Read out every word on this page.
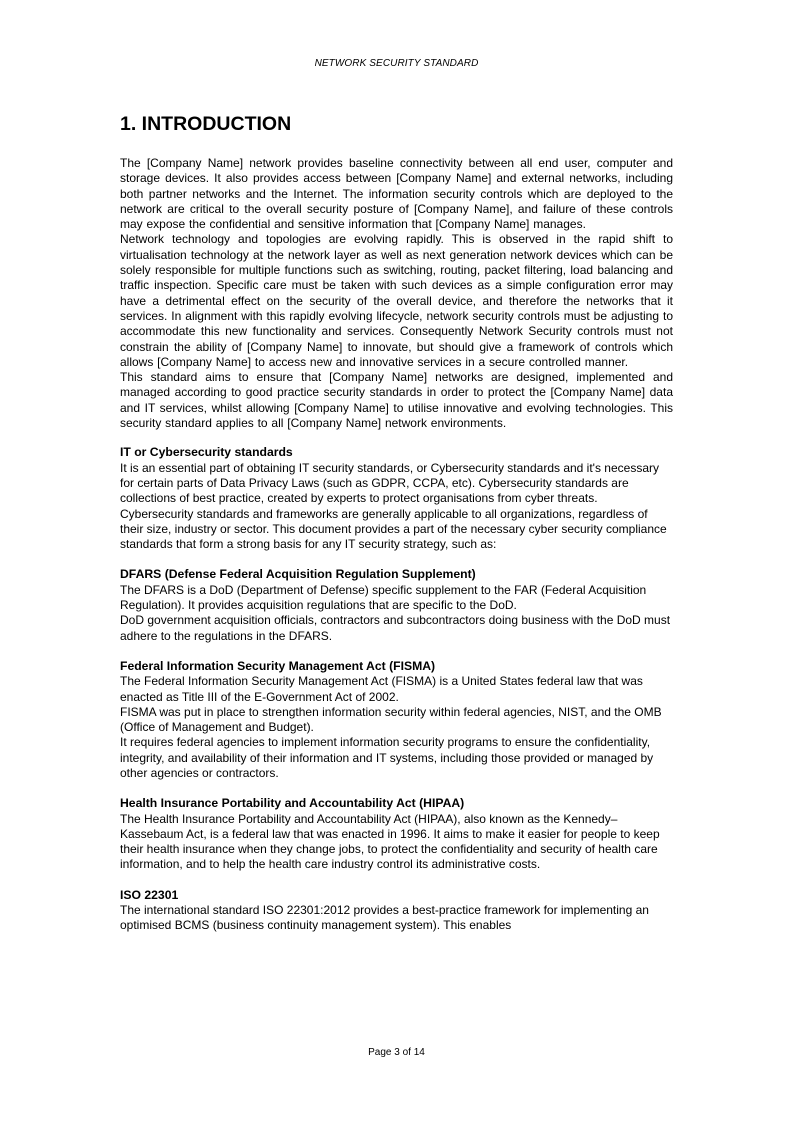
NETWORK SECURITY STANDARD
1. INTRODUCTION

The [Company Name] network provides baseline connectivity between all end user, computer and storage devices. It also provides access between [Company Name] and external networks, including both partner networks and the Internet. The information security controls which are deployed to the network are critical to the overall security posture of [Company Name], and failure of these controls may expose the confidential and sensitive information that [Company Name] manages.

Network technology and topologies are evolving rapidly. This is observed in the rapid shift to virtualisation technology at the network layer as well as next generation network devices which can be solely responsible for multiple functions such as switching, routing, packet filtering, load balancing and traffic inspection. Specific care must be taken with such devices as a simple configuration error may have a detrimental effect on the security of the overall device, and therefore the networks that it services. In alignment with this rapidly evolving lifecycle, network security controls must be adjusting to accommodate this new functionality and services. Consequently Network Security controls must not constrain the ability of [Company Name] to innovate, but should give a framework of controls which allows [Company Name] to access new and innovative services in a secure controlled manner.

This standard aims to ensure that [Company Name] networks are designed, implemented and managed according to good practice security standards in order to protect the [Company Name] data and IT services, whilst allowing [Company Name] to utilise innovative and evolving technologies. This security standard applies to all [Company Name] network environments.

IT or Cybersecurity standards

It is an essential part of obtaining IT security standards, or Cybersecurity standards and it's necessary for certain parts of Data Privacy Laws (such as GDPR, CCPA, etc). Cybersecurity standards are collections of best practice, created by experts to protect organisations from cyber threats. Cybersecurity standards and frameworks are generally applicable to all organizations, regardless of their size, industry or sector. This document provides a part of the necessary cyber security compliance standards that form a strong basis for any IT security strategy, such as:

DFARS (Defense Federal Acquisition Regulation Supplement)

The DFARS is a DoD (Department of Defense) specific supplement to the FAR (Federal Acquisition Regulation). It provides acquisition regulations that are specific to the DoD.

DoD government acquisition officials, contractors and subcontractors doing business with the DoD must adhere to the regulations in the DFARS.

Federal Information Security Management Act (FISMA)

The Federal Information Security Management Act (FISMA) is a United States federal law that was enacted as Title III of the E-Government Act of 2002.

FISMA was put in place to strengthen information security within federal agencies, NIST, and the OMB (Office of Management and Budget).

It requires federal agencies to implement information security programs to ensure the confidentiality, integrity, and availability of their information and IT systems, including those provided or managed by other agencies or contractors.

Health Insurance Portability and Accountability Act (HIPAA)

The Health Insurance Portability and Accountability Act (HIPAA), also known as the Kennedy–Kassebaum Act, is a federal law that was enacted in 1996. It aims to make it easier for people to keep their health insurance when they change jobs, to protect the confidentiality and security of health care information, and to help the health care industry control its administrative costs.

ISO 22301

The international standard ISO 22301:2012 provides a best-practice framework for implementing an optimised BCMS (business continuity management system). This enables

Page 3 of 14
